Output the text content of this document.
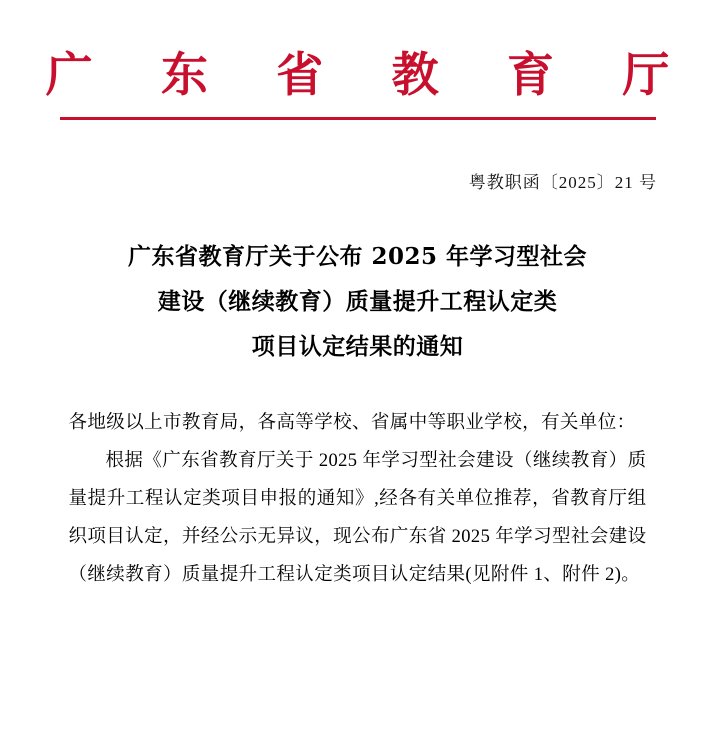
广 东 省 教 育 厅
粤教职函〔2025〕21 号
广东省教育厅关于公布 2025 年学习型社会
建设（继续教育）质量提升工程认定类
项目认定结果的通知

各地级以上市教育局，各高等学校、省属中等职业学校，有关单位：

根据《广东省教育厅关于 2025 年学习型社会建设（继续教育）质量提升工程认定类项目申报的通知》,经各有关单位推荐，省教育厅组织项目认定，并经公示无异议，现公布广东省 2025 年学习型社会建设（继续教育）质量提升工程认定类项目认定结果(见附件 1、附件 2)。
